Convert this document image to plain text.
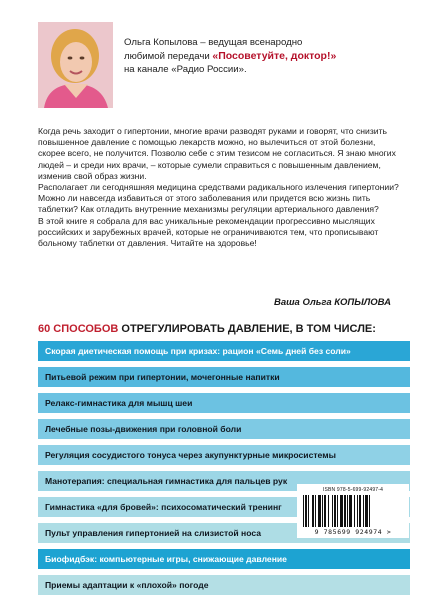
Ольга Копылова – ведущая всенародно
любимой передачи «Посоветуйте, доктор!»
на канале «Радио России».

Когда речь заходит о гипертонии, многие врачи разводят руками и говорят, что снизить повышенное давление с помощью лекарств можно, но вылечиться от этой болезни, скорее всего, не получится. Позволю себе с этим тезисом не согласиться. Я знаю многих людей – и среди них врачи, – которые сумели справиться с повышенным давлением, изменив свой образ жизни.

Располагает ли сегодняшняя медицина средствами радикального излечения гипертонии? Можно ли навсегда избавиться от этого заболевания или придется всю жизнь пить таблетки? Как отладить внутренние механизмы регуляции артериального давления?

В этой книге я собрала для вас уникальные рекомендации прогрессивно мыслящих российских и зарубежных врачей, которые не ограничиваются тем, что прописывают больному таблетки от давления. Читайте на здоровье!

Ваша Ольга КОПЫЛОВА
60 СПОСОБОВ ОТРЕГУЛИРОВАТЬ ДАВЛЕНИЕ, В ТОМ ЧИСЛЕ:
Скорая диетическая помощь при кризах: рацион «Семь дней без соли»
Питьевой режим при гипертонии, мочегонные напитки
Релакс-гимнастика для мышц шеи
Лечебные позы-движения при головной боли
Регуляция сосудистого тонуса через акупунктурные микросистемы
Манотерапия: специальная гимнастика для пальцев рук
Гимнастика «для бровей»: психосоматический тренинг
Пульт управления гипертонией на слизистой носа
Биофидбэк: компьютерные игры, снижающие давление
Приемы адаптации к «плохой» погоде
ISBN 978-5-699-92497-4
9 785699 924974 >
